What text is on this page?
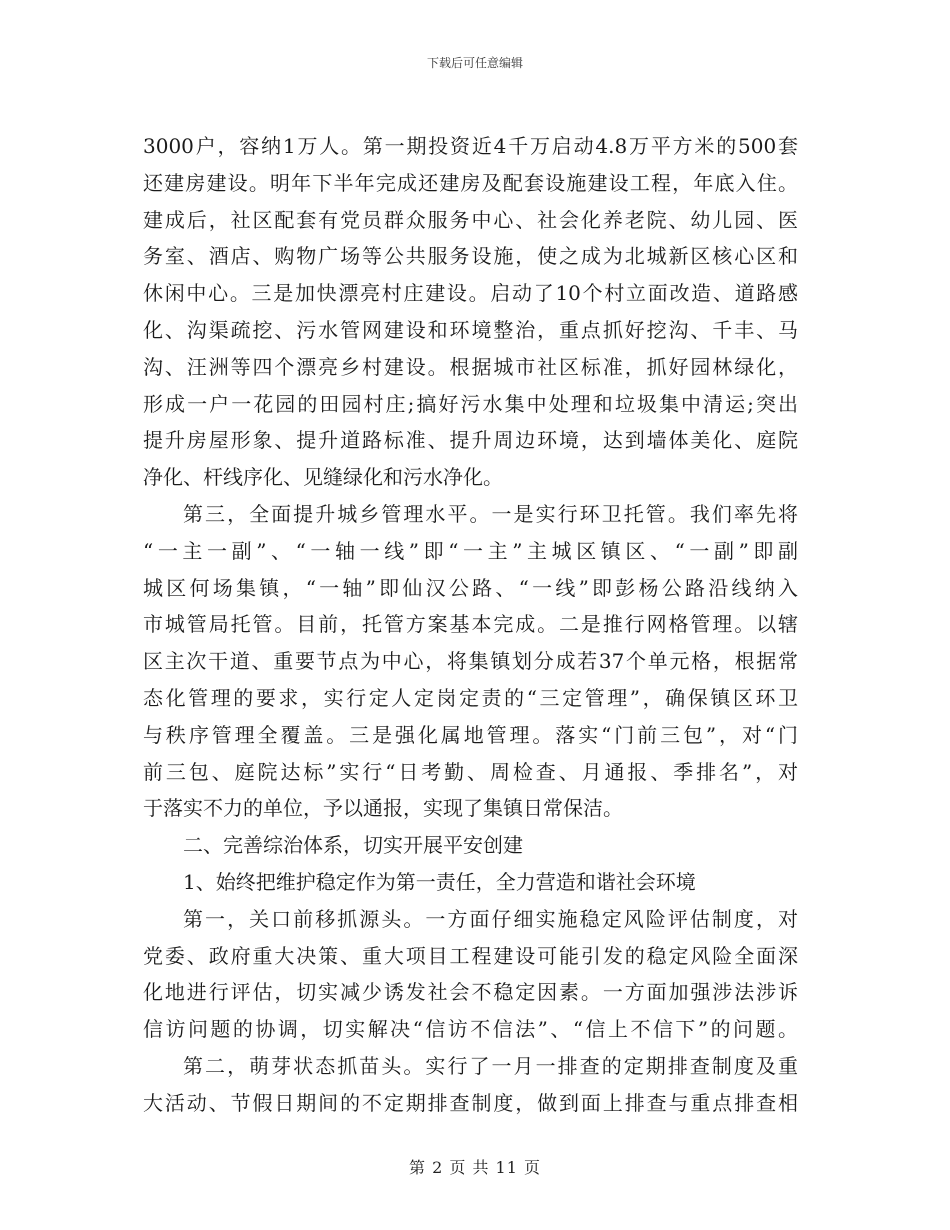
下载后可任意编辑
3000户，容纳1万人。第一期投资近4千万启动4.8万平方米的500套
还建房建设。明年下半年完成还建房及配套设施建设工程，年底入住。
建成后，社区配套有党员群众服务中心、社会化养老院、幼儿园、医
务室、酒店、购物广场等公共服务设施，使之成为北城新区核心区和
休闲中心。三是加快漂亮村庄建设。启动了10个村立面改造、道路感
化、沟渠疏挖、污水管网建设和环境整治，重点抓好挖沟、千丰、马
沟、汪洲等四个漂亮乡村建设。根据城市社区标准，抓好园林绿化，
形成一户一花园的田园村庄;搞好污水集中处理和垃圾集中清运;突出
提升房屋形象、提升道路标准、提升周边环境，达到墙体美化、庭院
净化、杆线序化、见缝绿化和污水净化。
第三，全面提升城乡管理水平。一是实行环卫托管。我们率先将
“一主一副”、“一轴一线”即“一主”主城区镇区、“一副”即副
城区何场集镇，“一轴”即仙汉公路、“一线”即彭杨公路沿线纳入
市城管局托管。目前，托管方案基本完成。二是推行网格管理。以辖
区主次干道、重要节点为中心，将集镇划分成若37个单元格，根据常
态化管理的要求，实行定人定岗定责的“三定管理”，确保镇区环卫
与秩序管理全覆盖。三是强化属地管理。落实“门前三包”，对“门
前三包、庭院达标”实行“日考勤、周检查、月通报、季排名”，对
于落实不力的单位，予以通报，实现了集镇日常保洁。
二、完善综治体系，切实开展平安创建
1、始终把维护稳定作为第一责任，全力营造和谐社会环境
第一，关口前移抓源头。一方面仔细实施稳定风险评估制度，对
党委、政府重大决策、重大项目工程建设可能引发的稳定风险全面深
化地进行评估，切实减少诱发社会不稳定因素。一方面加强涉法涉诉
信访问题的协调，切实解决“信访不信法”、“信上不信下”的问题。
第二，萌芽状态抓苗头。实行了一月一排查的定期排查制度及重
大活动、节假日期间的不定期排查制度，做到面上排查与重点排查相
第 2 页 共 11 页
